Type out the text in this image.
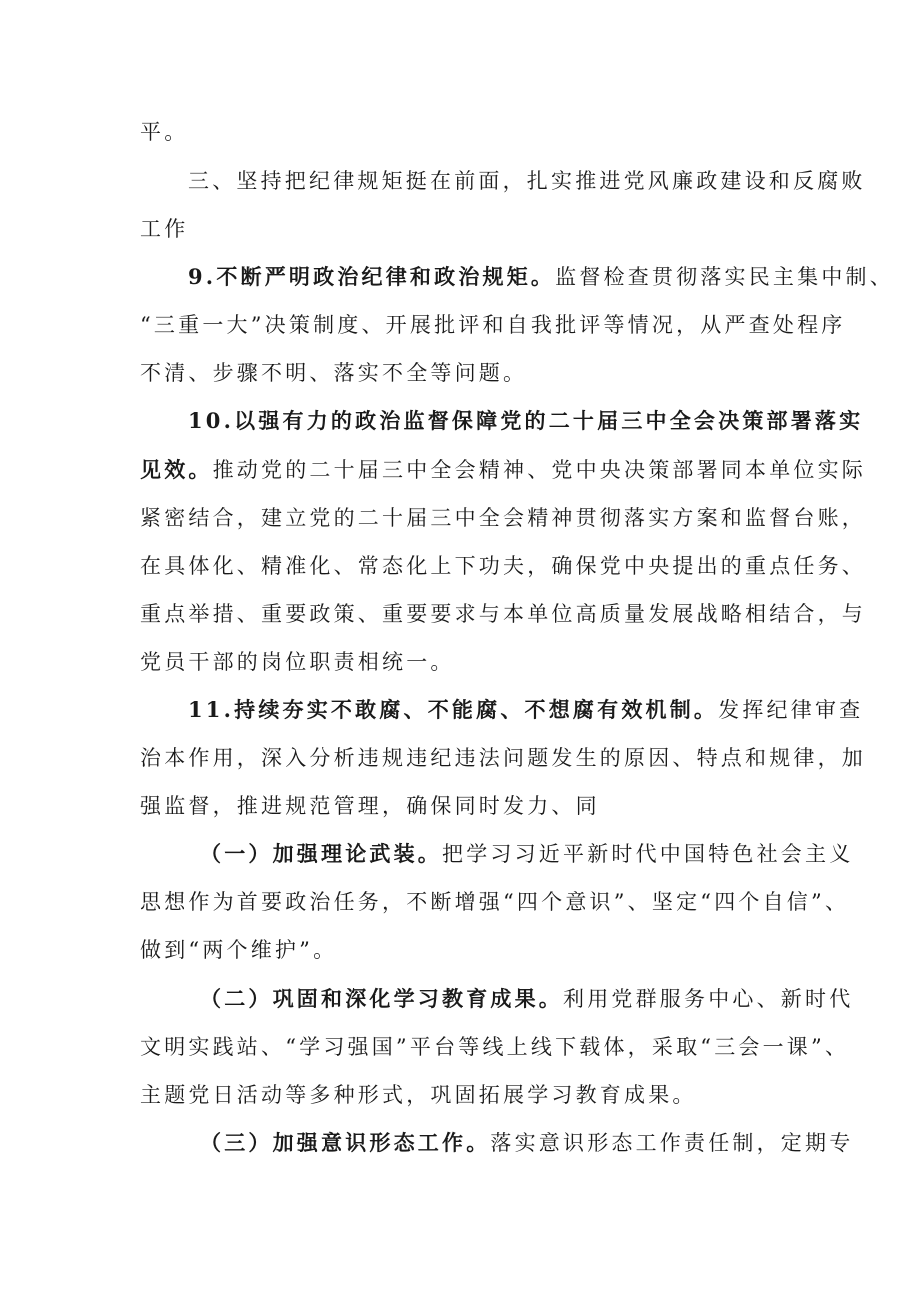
平。
三、坚持把纪律规矩挺在前面，扎实推进党风廉政建设和反腐败
工作
9.不断严明政治纪律和政治规矩。监督检查贯彻落实民主集中制、
“三重一大”决策制度、开展批评和自我批评等情况，从严查处程序
不清、步骤不明、落实不全等问题。
10.以强有力的政治监督保障党的二十届三中全会决策部署落实
见效。推动党的二十届三中全会精神、党中央决策部署同本单位实际
紧密结合，建立党的二十届三中全会精神贯彻落实方案和监督台账，
在具体化、精准化、常态化上下功夫，确保党中央提出的重点任务、
重点举措、重要政策、重要要求与本单位高质量发展战略相结合，与
党员干部的岗位职责相统一。
11.持续夯实不敢腐、不能腐、不想腐有效机制。发挥纪律审查
治本作用，深入分析违规违纪违法问题发生的原因、特点和规律，加
强监督，推进规范管理，确保同时发力、同
（一）加强理论武装。把学习习近平新时代中国特色社会主义
思想作为首要政治任务，不断增强“四个意识”、坚定“四个自信”、
做到“两个维护”。
（二）巩固和深化学习教育成果。利用党群服务中心、新时代
文明实践站、“学习强国”平台等线上线下载体，采取“三会一课”、
主题党日活动等多种形式，巩固拓展学习教育成果。
（三）加强意识形态工作。落实意识形态工作责任制，定期专
